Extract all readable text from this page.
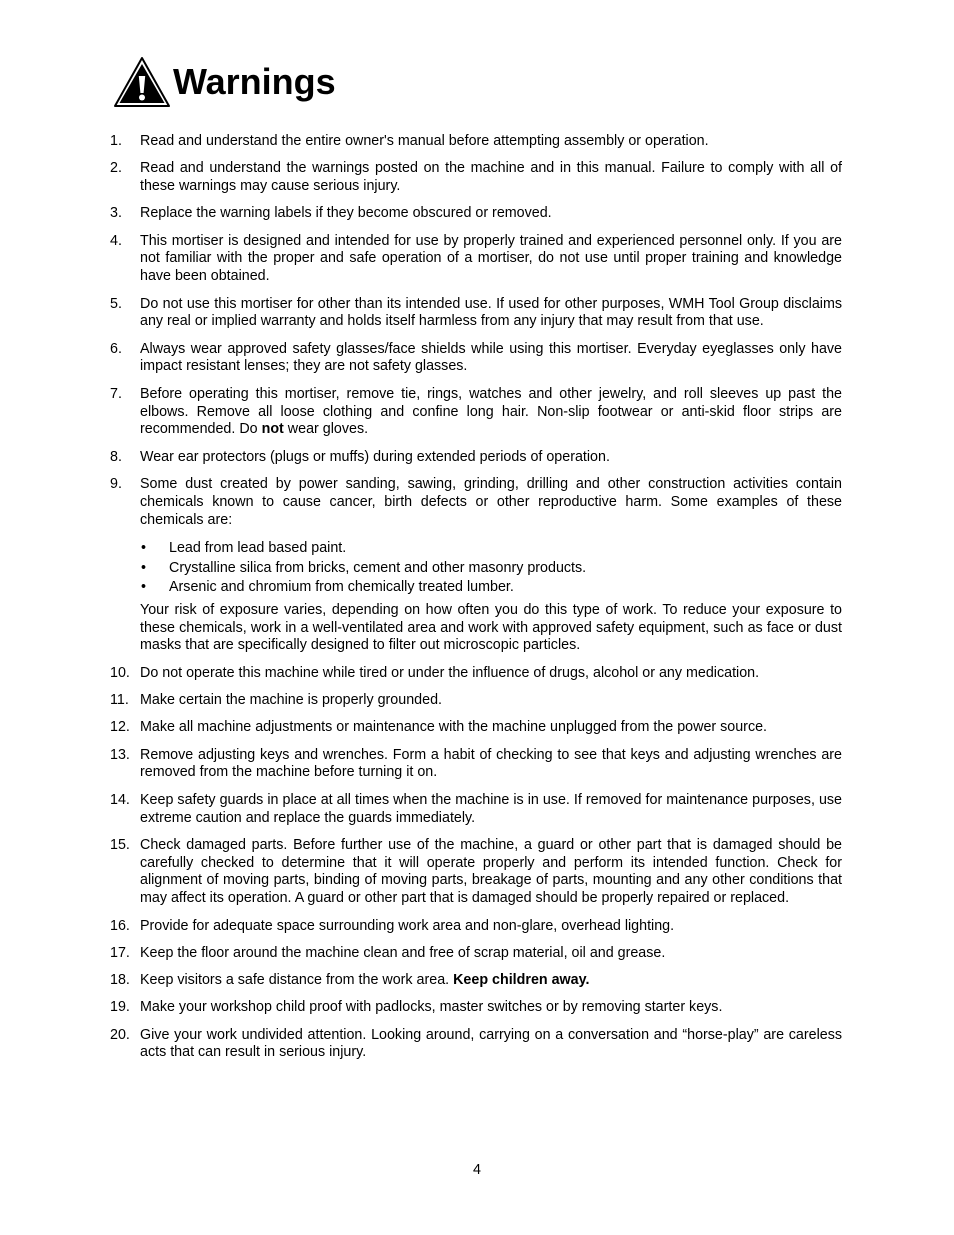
Warnings
1.	Read and understand the entire owner's manual before attempting assembly or operation.
2.	Read and understand the warnings posted on the machine and in this manual. Failure to comply with all of these warnings may cause serious injury.
3.	Replace the warning labels if they become obscured or removed.
4.	This mortiser is designed and intended for use by properly trained and experienced personnel only. If you are not familiar with the proper and safe operation of a mortiser, do not use until proper training and knowledge have been obtained.
5.	Do not use this mortiser for other than its intended use. If used for other purposes, WMH Tool Group disclaims any real or implied warranty and holds itself harmless from any injury that may result from that use.
6.	Always wear approved safety glasses/face shields while using this mortiser. Everyday eyeglasses only have impact resistant lenses; they are not safety glasses.
7.	Before operating this mortiser, remove tie, rings, watches and other jewelry, and roll sleeves up past the elbows. Remove all loose clothing and confine long hair. Non-slip footwear or anti-skid floor strips are recommended. Do not wear gloves.
8.	Wear ear protectors (plugs or muffs) during extended periods of operation.
9.	Some dust created by power sanding, sawing, grinding, drilling and other construction activities contain chemicals known to cause cancer, birth defects or other reproductive harm. Some examples of these chemicals are:
•	Lead from lead based paint.
•	Crystalline silica from bricks, cement and other masonry products.
•	Arsenic and chromium from chemically treated lumber.
Your risk of exposure varies, depending on how often you do this type of work. To reduce your exposure to these chemicals, work in a well-ventilated area and work with approved safety equipment, such as face or dust masks that are specifically designed to filter out microscopic particles.
10. Do not operate this machine while tired or under the influence of drugs, alcohol or any medication.
11. Make certain the machine is properly grounded.
12. Make all machine adjustments or maintenance with the machine unplugged from the power source.
13. Remove adjusting keys and wrenches. Form a habit of checking to see that keys and adjusting wrenches are removed from the machine before turning it on.
14. Keep safety guards in place at all times when the machine is in use. If removed for maintenance purposes, use extreme caution and replace the guards immediately.
15. Check damaged parts. Before further use of the machine, a guard or other part that is damaged should be carefully checked to determine that it will operate properly and perform its intended function. Check for alignment of moving parts, binding of moving parts, breakage of parts, mounting and any other conditions that may affect its operation. A guard or other part that is damaged should be properly repaired or replaced.
16. Provide for adequate space surrounding work area and non-glare, overhead lighting.
17. Keep the floor around the machine clean and free of scrap material, oil and grease.
18. Keep visitors a safe distance from the work area. Keep children away.
19. Make your workshop child proof with padlocks, master switches or by removing starter keys.
20. Give your work undivided attention. Looking around, carrying on a conversation and “horse-play” are careless acts that can result in serious injury.
4
